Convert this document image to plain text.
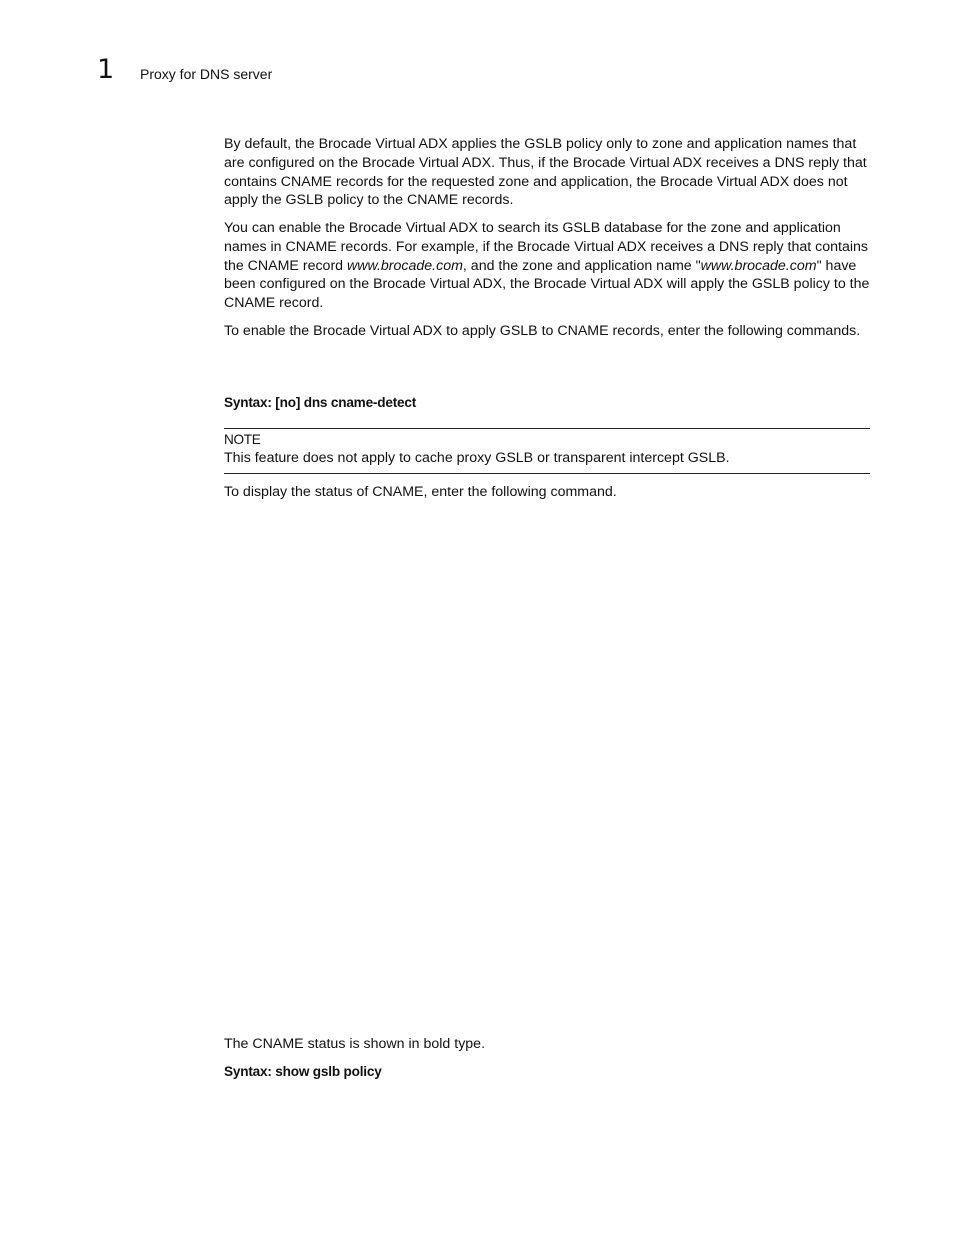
1 Proxy for DNS server

By default, the Brocade Virtual ADX applies the GSLB policy only to zone and application names that are configured on the Brocade Virtual ADX. Thus, if the Brocade Virtual ADX receives a DNS reply that contains CNAME records for the requested zone and application, the Brocade Virtual ADX does not apply the GSLB policy to the CNAME records.

You can enable the Brocade Virtual ADX to search its GSLB database for the zone and application names in CNAME records. For example, if the Brocade Virtual ADX receives a DNS reply that contains the CNAME record www.brocade.com, and the zone and application name "www.brocade.com" have been configured on the Brocade Virtual ADX, the Brocade Virtual ADX will apply the GSLB policy to the CNAME record.

To enable the Brocade Virtual ADX to apply GSLB to CNAME records, enter the following commands.

Syntax: [no] dns cname-detect
NOTE
This feature does not apply to cache proxy GSLB or transparent intercept GSLB.

To display the status of CNAME, enter the following command.

The CNAME status is shown in bold type.

Syntax: show gslb policy
